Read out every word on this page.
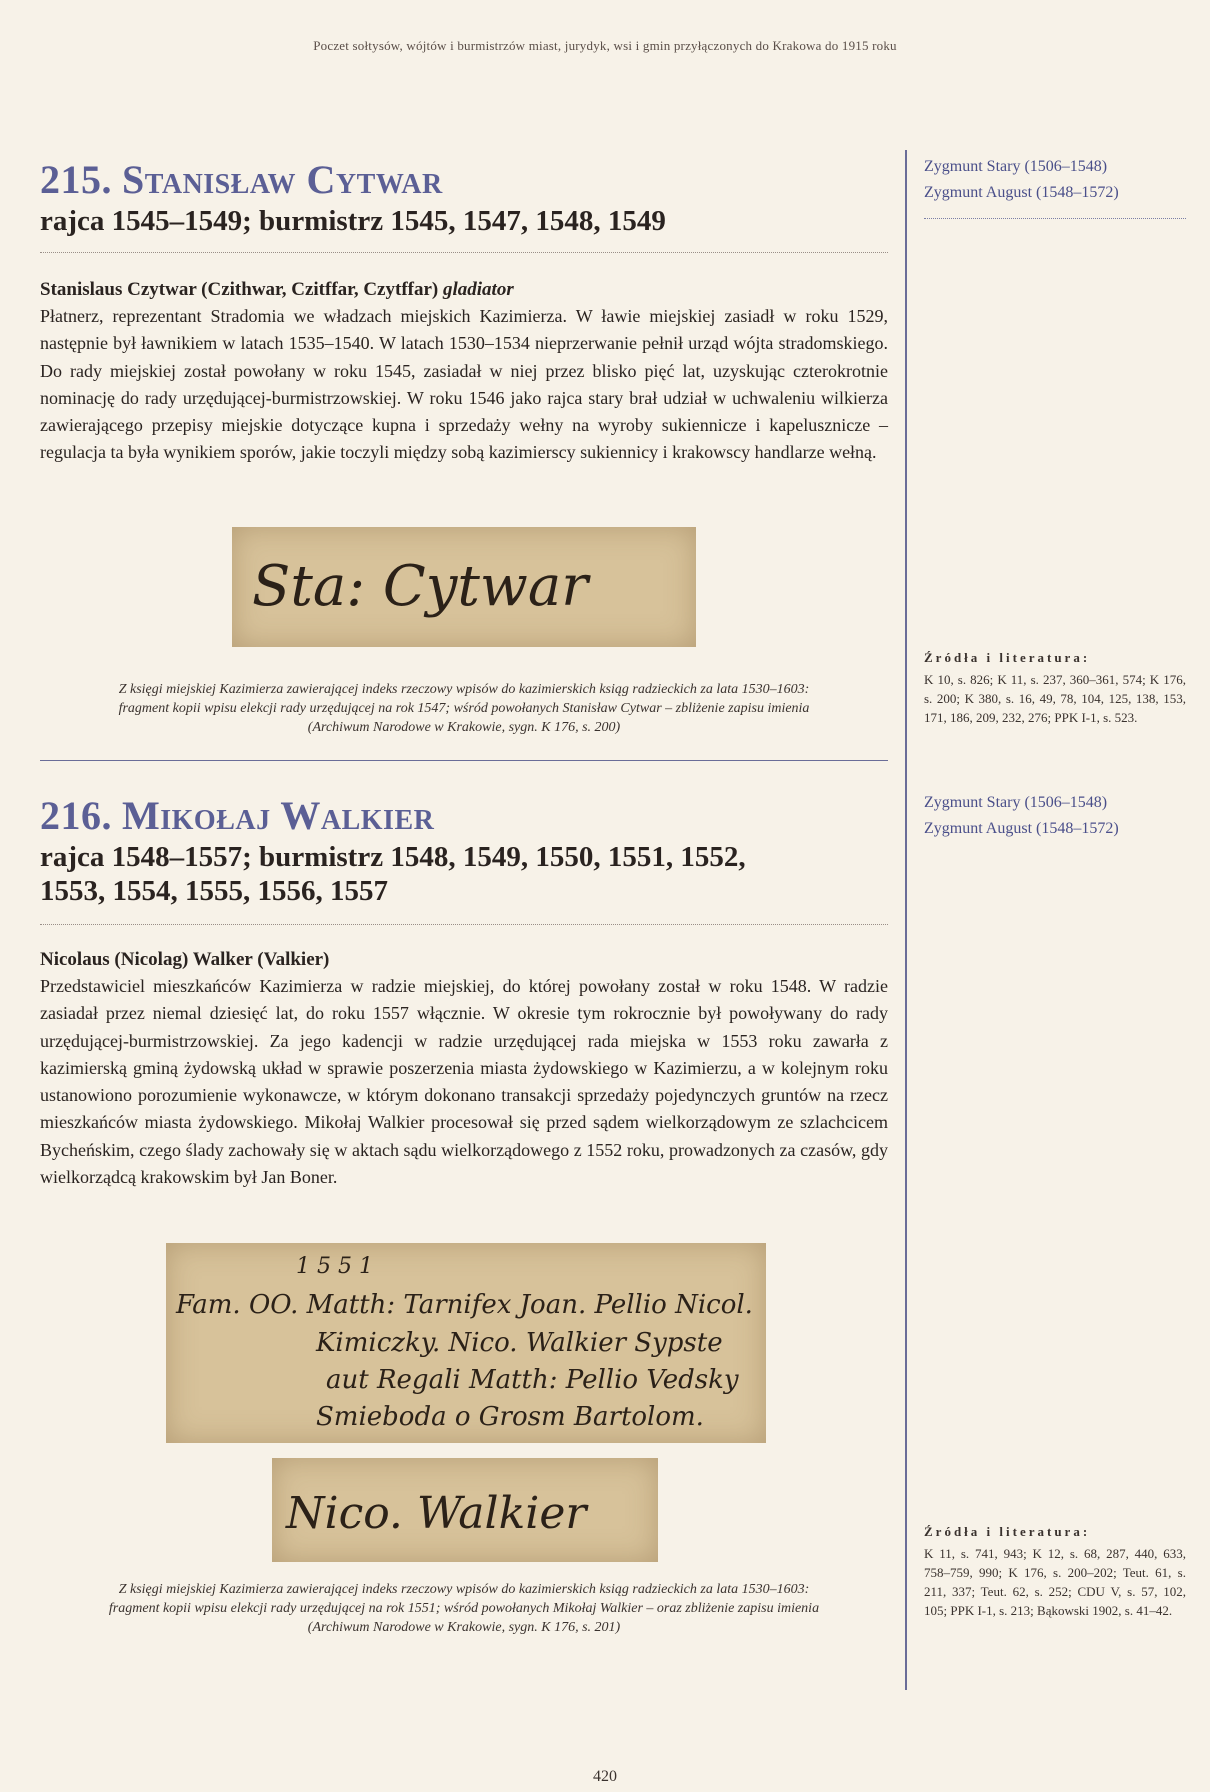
Poczet sołtysów, wójtów i burmistrzów miast, jurydyk, wsi i gmin przyłączonych do Krakowa do 1915 roku
215. Stanisław Cytwar
rajca 1545–1549; burmistrz 1545, 1547, 1548, 1549
Stanislaus Czytwar (Czithwar, Czitffar, Czytffar) gladiator
Płatnerz, reprezentant Stradomia we władzach miejskich Kazimierza. W ławie miejskiej zasiadł w roku 1529, następnie był ławnikiem w latach 1535–1540. W latach 1530–1534 nieprzerwanie pełnił urząd wójta stradomskiego. Do rady miejskiej został powołany w roku 1545, zasiadał w niej przez blisko pięć lat, uzyskując czterokrotnie nominację do rady urzędującej-burmistrzowskiej. W roku 1546 jako rajca stary brał udział w uchwaleniu wilkierza zawierającego przepisy miejskie dotyczące kupna i sprzedaży wełny na wyroby sukiennicze i kapelusznicze – regulacja ta była wynikiem sporów, jakie toczyli między sobą kazimierscy sukiennicy i krakowscy handlarze wełną.
Sta: Cytwar
Z księgi miejskiej Kazimierza zawierającej indeks rzeczowy wpisów do kazimierskich ksiąg radzieckich za lata 1530–1603:
fragment kopii wpisu elekcji rady urzędującej na rok 1547; wśród powołanych Stanisław Cytwar – zbliżenie zapisu imienia
(Archiwum Narodowe w Krakowie, sygn. K 176, s. 200)
Zygmunt Stary (1506–1548)
Zygmunt August (1548–1572)
Źródła i literatura:
K 10, s. 826; K 11, s. 237, 360–361, 574; K 176, s. 200; K 380, s. 16, 49, 78, 104, 125, 138, 153, 171, 186, 209, 232, 276; PPK I-1, s. 523.
216. Mikołaj Walkier
rajca 1548–1557; burmistrz 1548, 1549, 1550, 1551, 1552,
1553, 1554, 1555, 1556, 1557
Nicolaus (Nicolag) Walker (Valkier)
Przedstawiciel mieszkańców Kazimierza w radzie miejskiej, do której powołany został w roku 1548. W radzie zasiadał przez niemal dziesięć lat, do roku 1557 włącznie. W okresie tym rokrocznie był powoływany do rady urzędującej-burmistrzowskiej. Za jego kadencji w radzie urzędującej rada miejska w 1553 roku zawarła z kazimierską gminą żydowską układ w sprawie poszerzenia miasta żydowskiego w Kazimierzu, a w kolejnym roku ustanowiono porozumienie wykonawcze, w którym dokonano transakcji sprzedaży pojedynczych gruntów na rzecz mieszkańców miasta żydowskiego. Mikołaj Walkier procesował się przed sądem wielkorządowym ze szlachcicem Bycheńskim, czego ślady zachowały się w aktach sądu wielkorządowego z 1552 roku, prowadzonych za czasów, gdy wielkorządcą krakowskim był Jan Boner.
1 5 5 1
Fam. OO. Matth: Tarnifex Joan. Pellio Nicol.
Kimiczky. Nico. Walkier Sypste
aut Regali Matth: Pellio Vedsky
Smieboda o Grosm Bartolom.
Nico. Walkier
Z księgi miejskiej Kazimierza zawierającej indeks rzeczowy wpisów do kazimierskich ksiąg radzieckich za lata 1530–1603:
fragment kopii wpisu elekcji rady urzędującej na rok 1551; wśród powołanych Mikołaj Walkier – oraz zbliżenie zapisu imienia
(Archiwum Narodowe w Krakowie, sygn. K 176, s. 201)
Zygmunt Stary (1506–1548)
Zygmunt August (1548–1572)
Źródła i literatura:
K 11, s. 741, 943; K 12, s. 68, 287, 440, 633, 758–759, 990; K 176, s. 200–202; Teut. 61, s. 211, 337; Teut. 62, s. 252; CDU V, s. 57, 102, 105; PPK I-1, s. 213; Bąkowski 1902, s. 41–42.
420
